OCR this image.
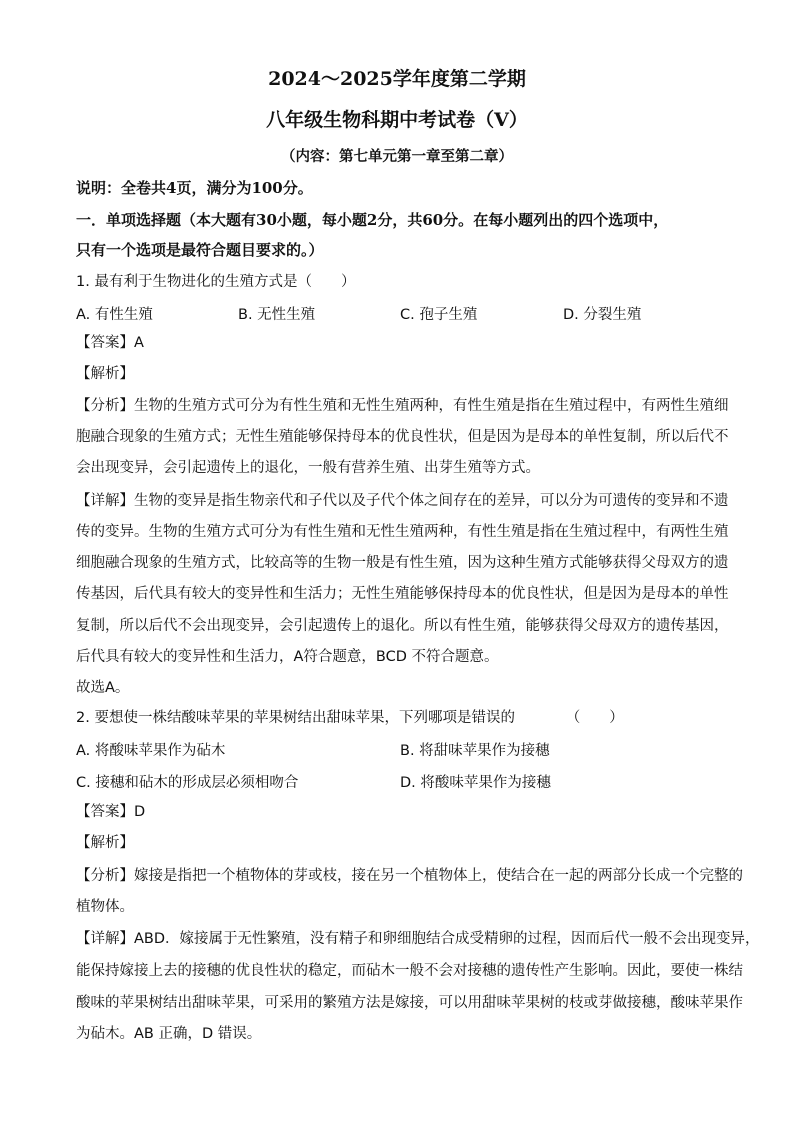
2024～2025学年度第二学期
八年级生物科期中考试卷（V）
（内容：第七单元第一章至第二章）
说明：全卷共4页，满分为100分。
一．单项选择题（本大题有30小题，每小题2分，共60分。在每小题列出的四个选项中，
只有一个选项是最符合题目要求的。）
1. 最有利于生物进化的生殖方式是（　　）
A. 有性生殖	B. 无性生殖	C. 孢子生殖	D. 分裂生殖
【答案】A
【解析】
【分析】生物的生殖方式可分为有性生殖和无性生殖两种，有性生殖是指在生殖过程中，有两性生殖细
胞融合现象的生殖方式；无性生殖能够保持母本的优良性状，但是因为是母本的单性复制，所以后代不
会出现变异，会引起遗传上的退化，一般有营养生殖、出芽生殖等方式。
【详解】生物的变异是指生物亲代和子代以及子代个体之间存在的差异，可以分为可遗传的变异和不遗
传的变异。生物的生殖方式可分为有性生殖和无性生殖两种，有性生殖是指在生殖过程中，有两性生殖
细胞融合现象的生殖方式，比较高等的生物一般是有性生殖，因为这种生殖方式能够获得父母双方的遗
传基因，后代具有较大的变异性和生活力；无性生殖能够保持母本的优良性状，但是因为是母本的单性
复制，所以后代不会出现变异，会引起遗传上的退化。所以有性生殖，能够获得父母双方的遗传基因，
后代具有较大的变异性和生活力，A符合题意，BCD 不符合题意。
故选A。
2. 要想使一株结酸味苹果的苹果树结出甜味苹果，下列哪项是错误的　　　　（　　）
A. 将酸味苹果作为砧木	B. 将甜味苹果作为接穗
C. 接穗和砧木的形成层必须相吻合	D. 将酸味苹果作为接穗
【答案】D
【解析】
【分析】嫁接是指把一个植物体的芽或枝，接在另一个植物体上，使结合在一起的两部分长成一个完整的
植物体。
【详解】ABD．嫁接属于无性繁殖，没有精子和卵细胞结合成受精卵的过程，因而后代一般不会出现变异，
能保持嫁接上去的接穗的优良性状的稳定，而砧木一般不会对接穗的遗传性产生影响。因此，要使一株结
酸味的苹果树结出甜味苹果，可采用的繁殖方法是嫁接，可以用甜味苹果树的枝或芽做接穗，酸味苹果作
为砧木。AB 正确，D 错误。
